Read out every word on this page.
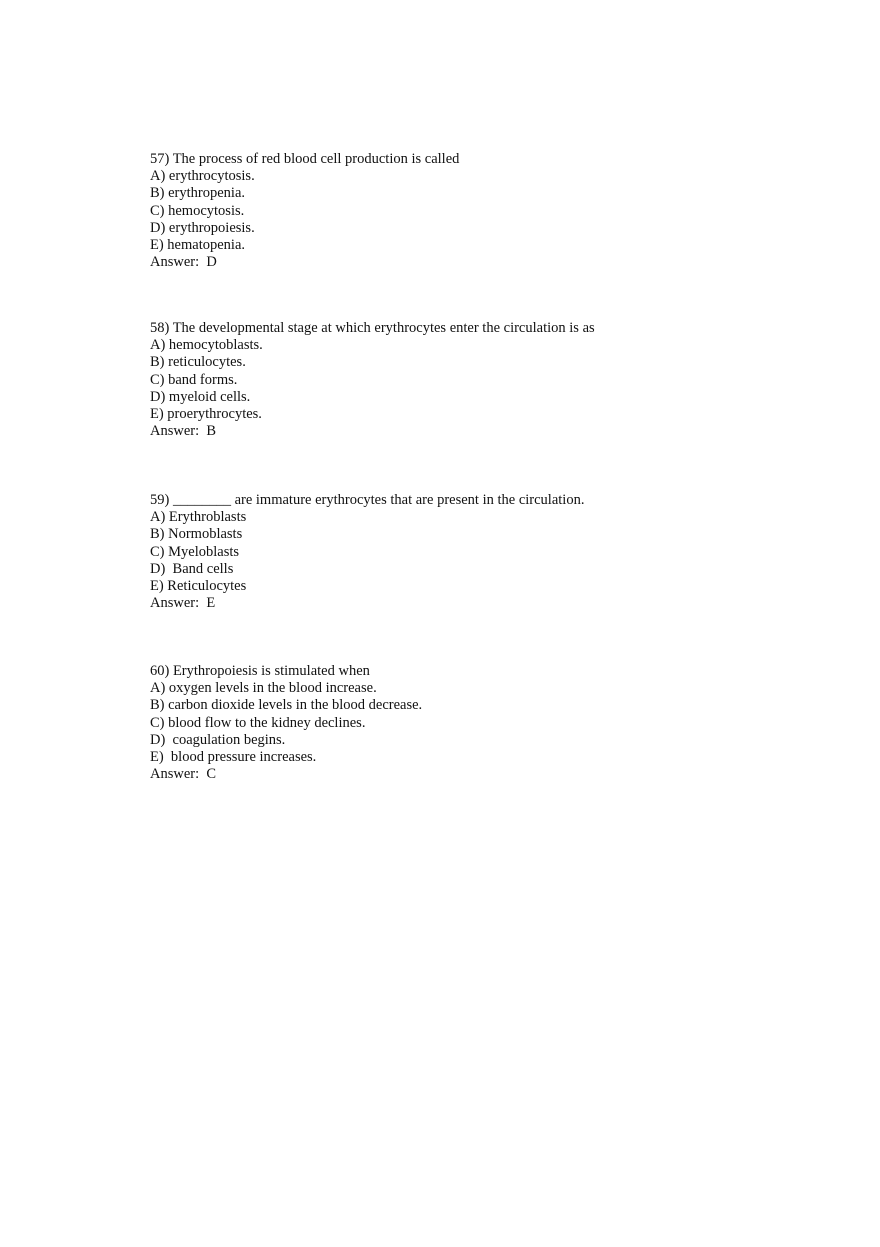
57) The process of red blood cell production is called
A) erythrocytosis.
B) erythropenia.
C) hemocytosis.
D) erythropoiesis.
E) hematopenia.
Answer:  D
58) The developmental stage at which erythrocytes enter the circulation is as
A) hemocytoblasts.
B) reticulocytes.
C) band forms.
D) myeloid cells.
E) proerythrocytes.
Answer:  B
59) ________ are immature erythrocytes that are present in the circulation.
A) Erythroblasts
B) Normoblasts
C) Myeloblasts
D)  Band cells
E) Reticulocytes
Answer:  E
60) Erythropoiesis is stimulated when
A) oxygen levels in the blood increase.
B) carbon dioxide levels in the blood decrease.
C) blood flow to the kidney declines.
D)  coagulation begins.
E)  blood pressure increases.
Answer:  C
